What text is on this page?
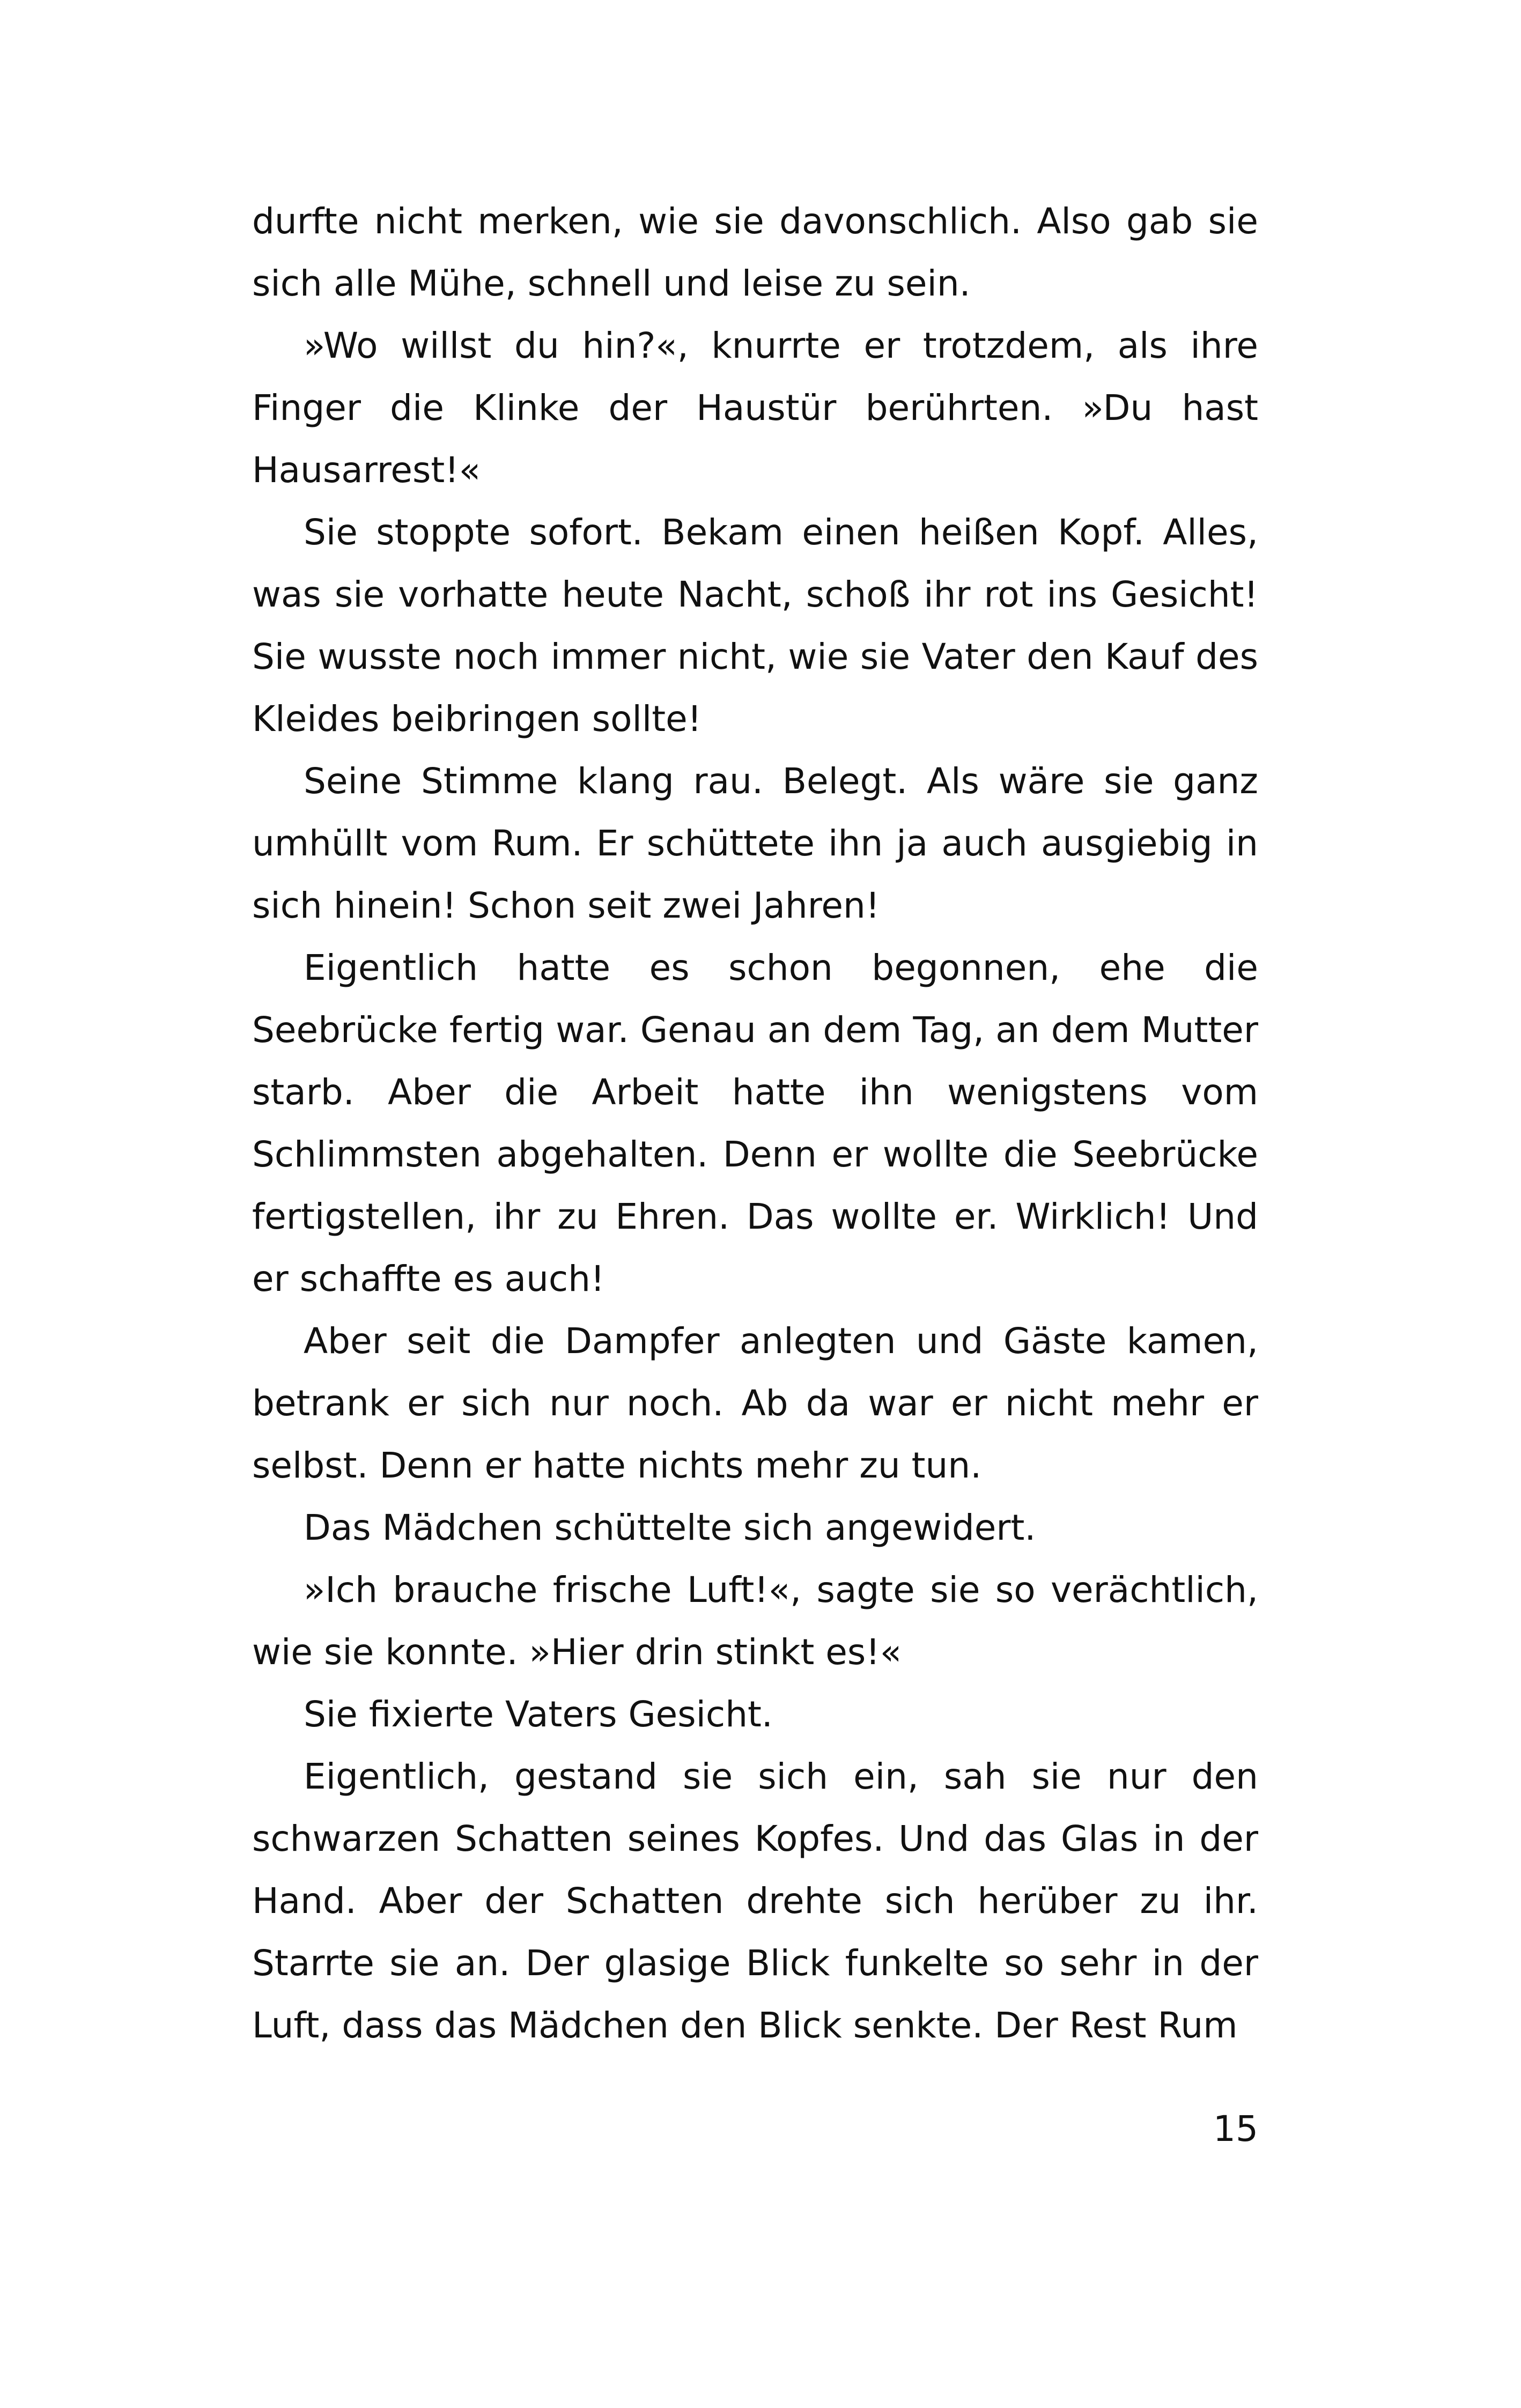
durfte nicht merken, wie sie davonschlich. Also gab sie sich alle Mühe, schnell und leise zu sein.

»Wo willst du hin?«, knurrte er trotzdem, als ihre Finger die Klinke der Haustür berührten. »Du hast Hausarrest!«

Sie stoppte sofort. Bekam einen heißen Kopf. Alles, was sie vorhatte heute Nacht, schoß ihr rot ins Gesicht! Sie wusste noch immer nicht, wie sie Vater den Kauf des Kleides beibringen sollte!

Seine Stimme klang rau. Belegt. Als wäre sie ganz umhüllt vom Rum. Er schüttete ihn ja auch ausgiebig in sich hinein! Schon seit zwei Jahren!

Eigentlich hatte es schon begonnen, ehe die Seebrücke fertig war. Genau an dem Tag, an dem Mutter starb. Aber die Arbeit hatte ihn wenigstens vom Schlimmsten abgehalten. Denn er wollte die Seebrücke fertigstellen, ihr zu Ehren. Das wollte er. Wirklich! Und er schaffte es auch!

Aber seit die Dampfer anlegten und Gäste kamen, betrank er sich nur noch. Ab da war er nicht mehr er selbst. Denn er hatte nichts mehr zu tun.

Das Mädchen schüttelte sich angewidert.

»Ich brauche frische Luft!«, sagte sie so verächtlich, wie sie konnte. »Hier drin stinkt es!«

Sie fixierte Vaters Gesicht.

Eigentlich, gestand sie sich ein, sah sie nur den schwarzen Schatten seines Kopfes. Und das Glas in der Hand. Aber der Schatten drehte sich herüber zu ihr. Starrte sie an. Der glasige Blick funkelte so sehr in der Luft, dass das Mädchen den Blick senkte. Der Rest Rum

15
